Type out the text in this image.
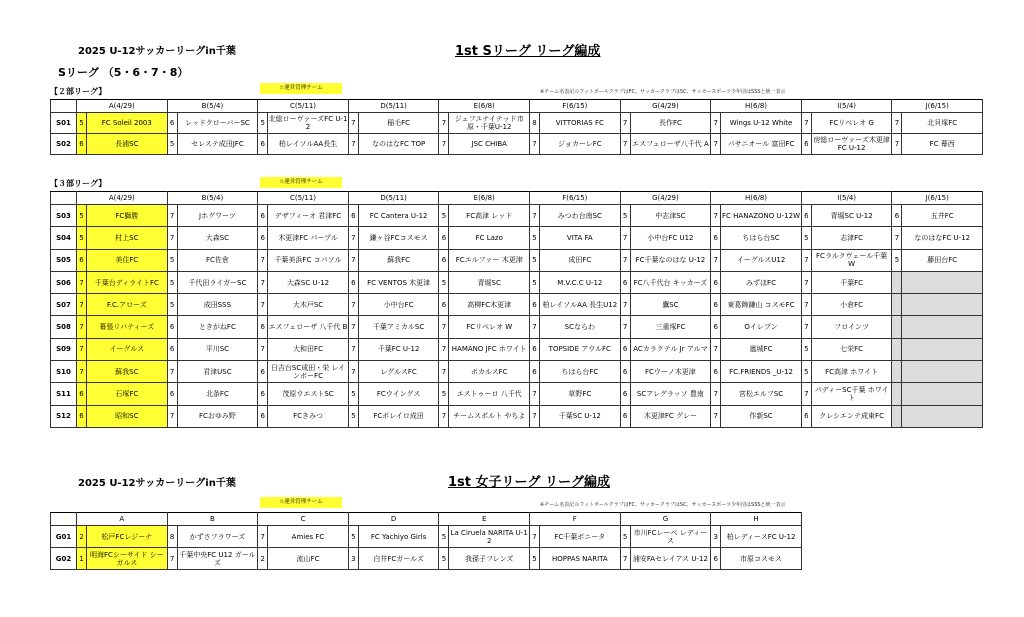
2025 U-12サッカーリーグin千葉	1st Sリーグ リーグ編成
Sリーグ （5・6・7・8）
☆運営管理チーム
※チーム名表記のフットボールクラブはFC、サッカークラブはSC、サッカースポーツ少年団はSSSと統一表示
【２部リーグ】
	A(4/29)		B(5/4)		C(5/11)		D(5/11)		E(6/8)		F(6/15)		G(4/29)		H(6/8)		I(5/4)		J(6/15)	
S01	5	FC Soleil 2003	6	レッドクローバーSC	5	北総ローヴァーズFC U-12	7	稲毛FC	7	ジェフユナイテッド市原・千葉U-12	8	VITTORIAS FC	7	長作FC	7	Wings U-12 White	7	FCリベレオ G	7	北貝塚FC
S02	6	長浦SC	5	セレステ成田JFC	6	柏レイソルAA長生	7	なのはなFC TOP	7	JSC CHIBA	7	ジョカーレFC	7	エスフェローザ八千代 A	7	パサニオール 富田FC	6	房総ローヴァーズ木更津FC U-12	7	FC 幕西
【３部リーグ】	☆運営管理チーム
	A(4/29)		B(5/4)		C(5/11)		D(5/11)		E(6/8)		F(6/15)		G(4/29)		H(6/8)		I(5/4)		J(6/15)	
S03	5	FC獅勝	7	Jホグワーツ	6	デザフィーオ 君津FC	6	FC Cantera U-12	5	FC高津 レッド	7	みつわ台南SC	5	中志津SC	7	FC HANAZONO U-12W	6	青堀SC U-12	6	五井FC
S04	5	村上SC	7	大森SC	6	木更津FC パープル	7	鎌ヶ谷FCコスモス	6	FC Lazo	5	VITA FA	7	小中台FC U12	6	ちはら台SC	5	志津FC	7	なのはなFC U-12
S05	6	美住FC	5	FC佐倉	7	千葉美浜FC コパソル	7	蘇我FC	6	FCエルファー 木更津	5	成田FC	7	FC千葉なのはな U-12	7	イーグルスU12	7	FCラルクヴェール千葉 W	5	藤田台FC
S06	7	千葉台ディライトFC	5	千代田ライガーSC	7	大森SC U-12	6	FC VENTOS 木更津	5	青堀SC	5	M.V.C.C U-12	6	FC八千代台 キッカーズ	6	みずほFC	7	千葉FC		
S07	7	F.C.アローズ	5	成田SSS	7	大木戸SC	7	小中台FC	6	高柳FC木更津	6	柏レイソルAA 長生U12	7	鷹SC	6	東葛飾鎌山 コスモFC	7	小倉FC		
S08	7	幕張リバティーズ	6	ときがねFC	6	エスフェローザ 八千代 B	7	千葉アミカルSC	7	FCリベレオ W	7	SCならわ	7	三重塚FC	6	Oイレブン	7	フロインツ		
S09	7	イーグルス	6	平川SC	7	大和田FC	7	千葉FC U-12	7	HAMANO JFC ホワイト	6	TOPSIDE アウルFC	6	ACカラクテル Jr アルマ	7	嵐城FC	5	七栄FC		
S10	7	蘇我SC	7	君津USC	6	日吉台SC成田・栄 レインボーFC	7	レグルスFC	7	ボカルスFC	6	ちはら台FC	6	FCウーノ木更津	6	FC.FRIENDS _U-12	5	FC高津 ホワイト		
S11	6	石塚FC	6	北条FC	6	茂原ウエストSC	5	FCウイングス	5	エストゥーロ 八千代	7	草野FC	6	SCアレグラッソ 豊南	7	宮松エルフSC	7	パディーSC千葉 ホワイト		
S12	6	昭和SC	7	FCおゆみ野	6	FCきみつ	5	FCボレイロ成田	7	チームスポルト やちよ	7	千葉SC U-12	6	木更津FC グレー	7	作新SC	6	クレシエンテ成東FC		
2025 U-12サッカーリーグin千葉	1st 女子リーグ リーグ編成
☆運営管理チーム	※チーム名表記のフットボールクラブはFC、サッカークラブはSC、サッカースポーツ少年団はSSSと統一表示
	A		B		C		D		E		F		G		H	
G01	2	松戸FCレジーナ	8	かずさフラワーズ	7	Amies FC	5	FC Yachiyo Girls	5	La Ciruela NARITA U-12	7	FC千葉ボニータ	5	市川FCレーベ レディース	3	柏レディースFC U-12
G02	1	明海FCシーサイド シーガルス	7	千葉中央FC U12 ガールズ	2	流山FC	3	白井FCガールズ	5	我孫子フレンズ	5	HOPPAS NARITA	7	浦安FAセレイアス U-12	6	市原コスモス
